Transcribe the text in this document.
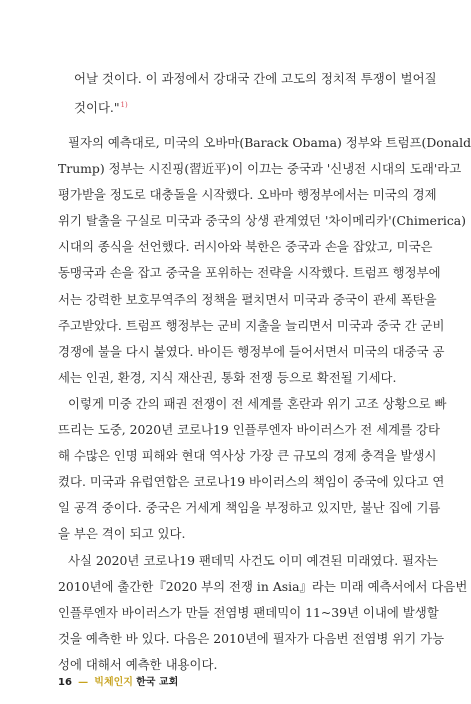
어날 것이다. 이 과정에서 강대국 간에 고도의 정치적 투쟁이 벌어질
것이다."$^{1)}$
필자의 예측대로, 미국의 오바마(Barack Obama) 정부와 트럼프(Donald
Trump) 정부는 시진핑(習近平)이 이끄는 중국과 '신냉전 시대의 도래'라고
평가받을 정도로 대충돌을 시작했다. 오바마 행정부에서는 미국의 경제
위기 탈출을 구실로 미국과 중국의 상생 관계였던 '차이메리카'(Chimerica)
시대의 종식을 선언했다. 러시아와 북한은 중국과 손을 잡았고, 미국은
동맹국과 손을 잡고 중국을 포위하는 전략을 시작했다. 트럼프 행정부에
서는 강력한 보호무역주의 정책을 펼치면서 미국과 중국이 관세 폭탄을
주고받았다. 트럼프 행정부는 군비 지출을 늘리면서 미국과 중국 간 군비
경쟁에 불을 다시 붙였다. 바이든 행정부에 들어서면서 미국의 대중국 공
세는 인권, 환경, 지식 재산권, 통화 전쟁 등으로 확전될 기세다.
이렇게 미중 간의 패권 전쟁이 전 세계를 혼란과 위기 고조 상황으로 빠
뜨리는 도중, 2020년 코로나19 인플루엔자 바이러스가 전 세계를 강타
해 수많은 인명 피해와 현대 역사상 가장 큰 규모의 경제 충격을 발생시
켰다. 미국과 유럽연합은 코로나19 바이러스의 책임이 중국에 있다고 연
일 공격 중이다. 중국은 거세게 책임을 부정하고 있지만, 불난 집에 기름
을 부은 격이 되고 있다.
사실 2020년 코로나19 팬데믹 사건도 이미 예견된 미래였다. 필자는
2010년에 출간한『2020 부의 전쟁 in Asia』라는 미래 예측서에서 다음번
인플루엔자 바이러스가 만들 전염병 팬데믹이 11~39년 이내에 발생할
것을 예측한 바 있다. 다음은 2010년에 필자가 다음번 전염병 위기 가능
성에 대해서 예측한 내용이다.
16 — 빅체인지 한국 교회
